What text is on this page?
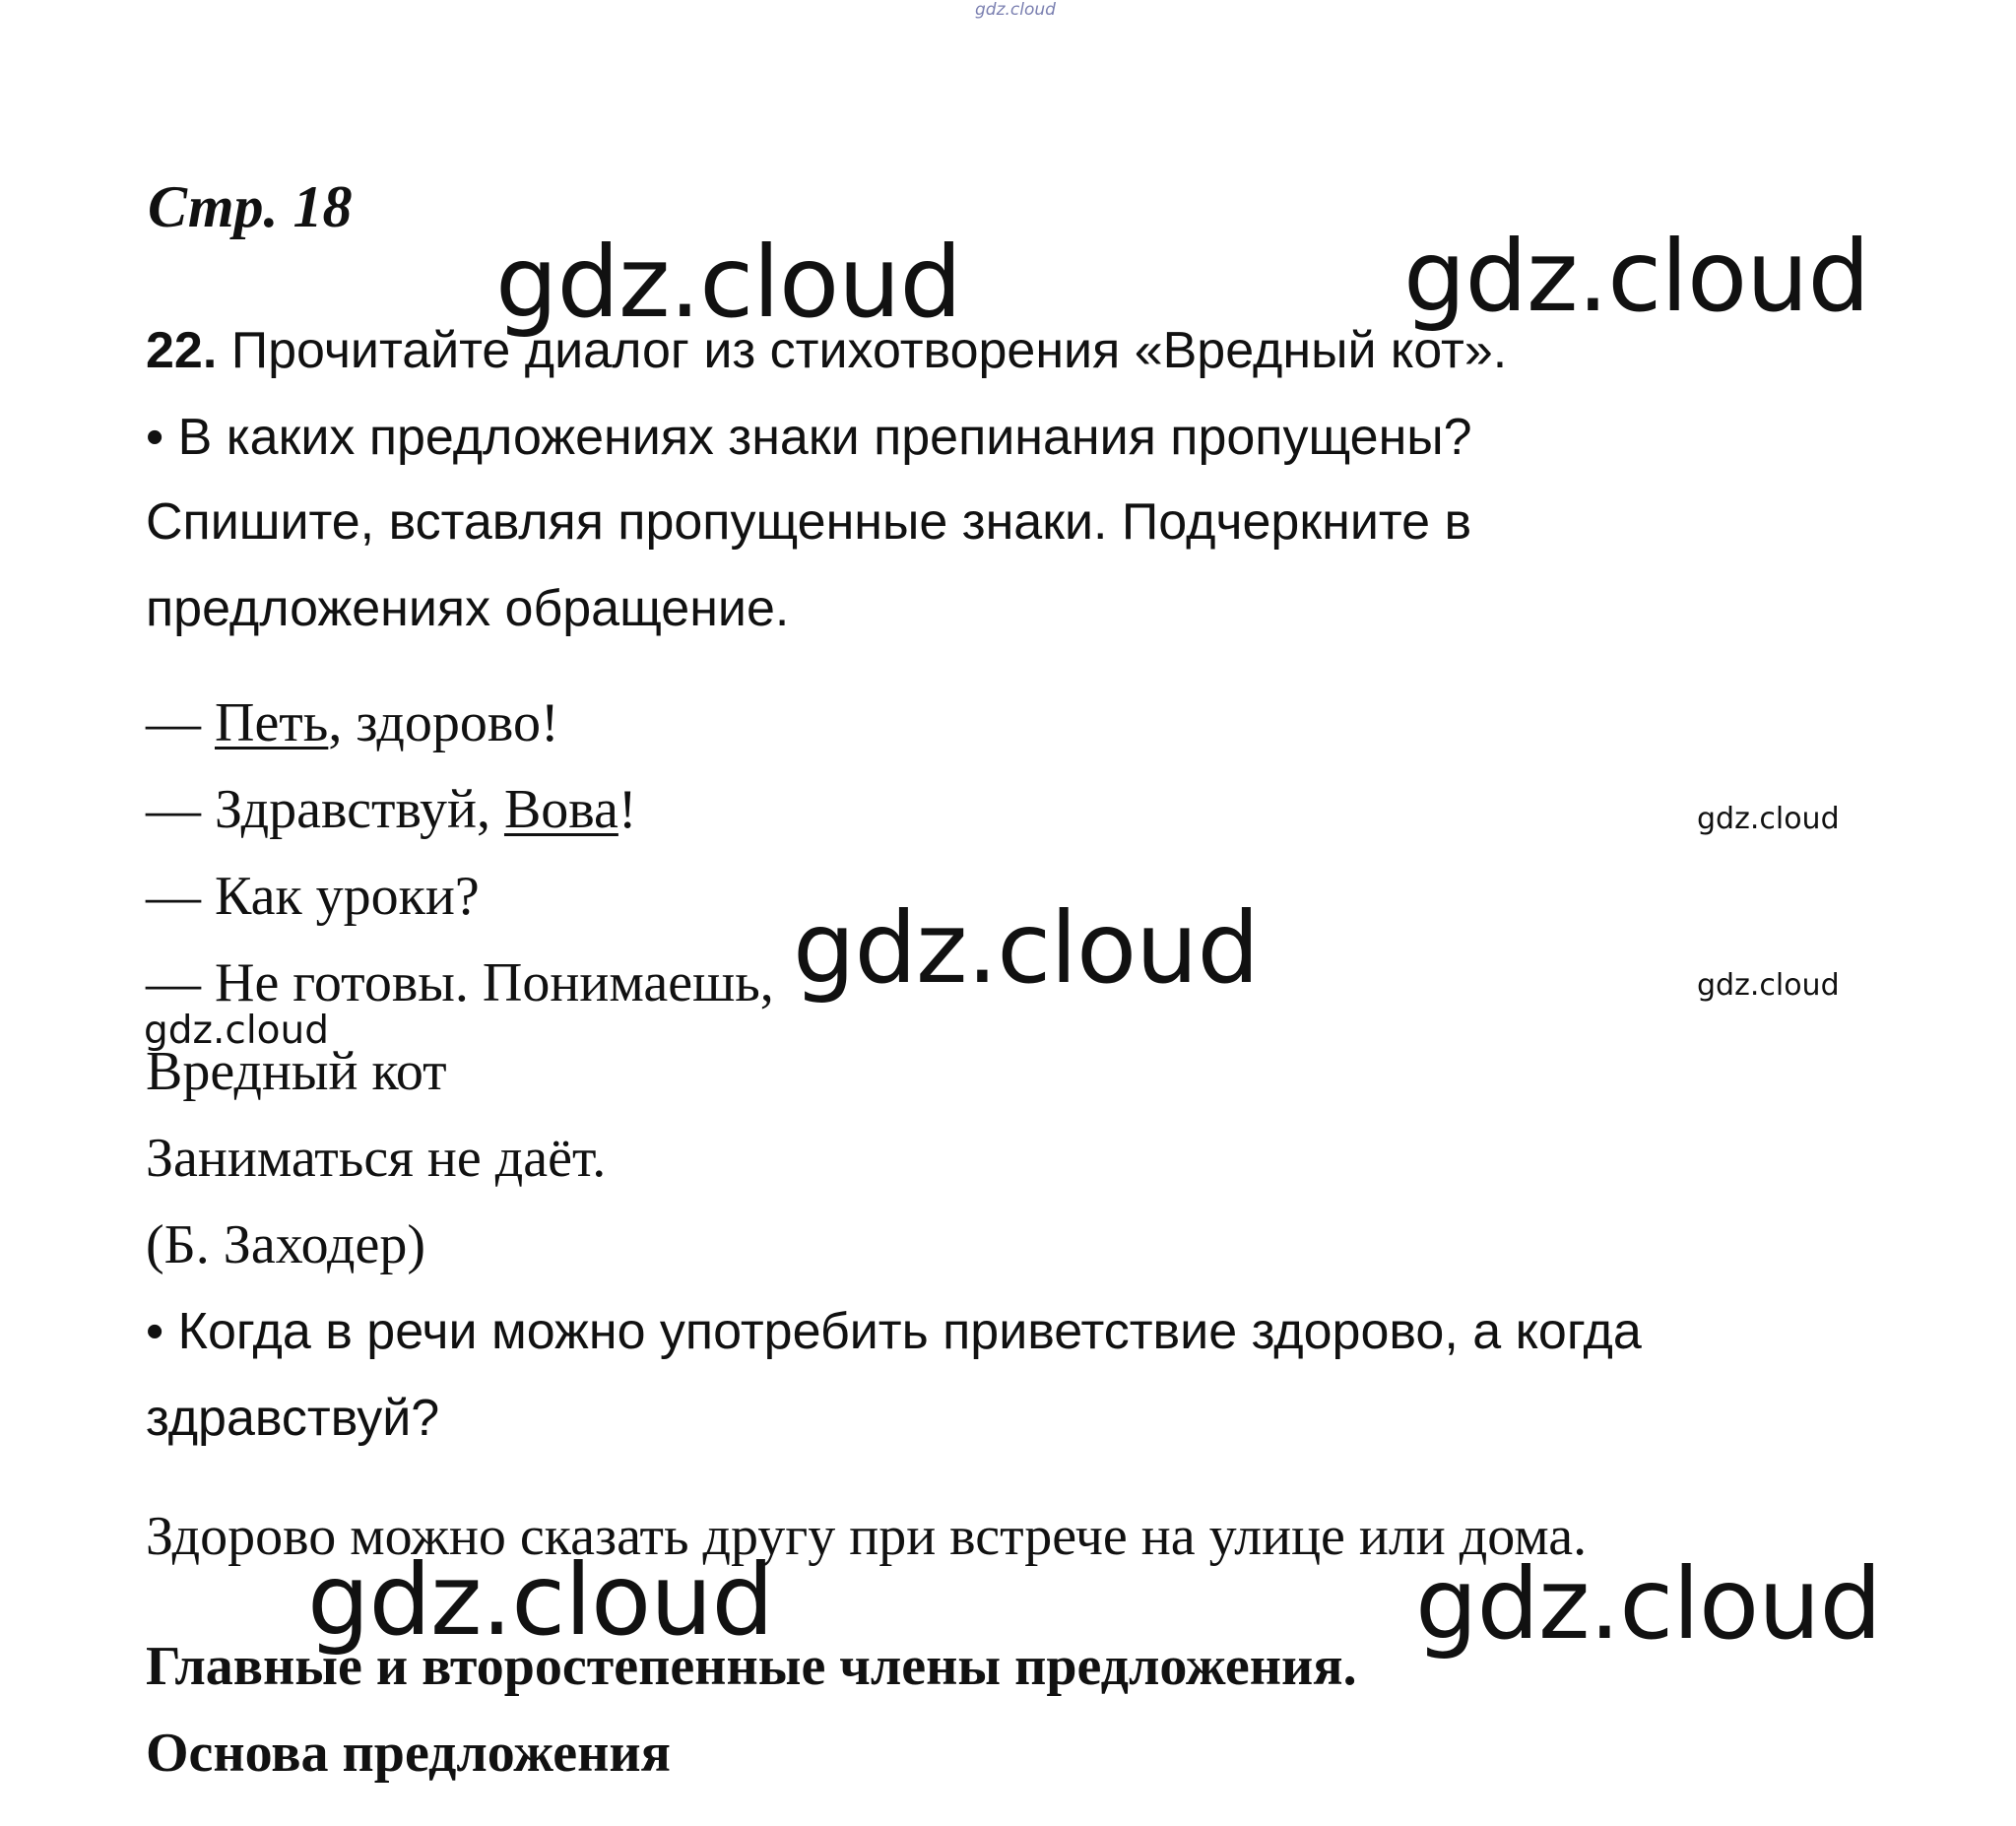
gdz.cloud
Стр. 18
22. Прочитайте диалог из стихотворения «Вредный кот».
• В каких предложениях знаки препинания пропущены?
Спишите, вставляя пропущенные знаки. Подчеркните в
предложениях обращение.
— Петь, здорово!
— Здравствуй, Вова!
— Как уроки?
— Не готовы. Понимаешь,
Вредный кот
Заниматься не даёт.
(Б. Заходер)
• Когда в речи можно употребить приветствие здорово, а когда
здравствуй?
Здорово можно сказать другу при встрече на улице или дома.
Главные и второстепенные члены предложения.
Основа предложения
gdz.cloud	gdz.cloud
gdz.cloud
gdz.cloud	gdz.cloud
gdz.cloud
gdz.cloud
gdz.cloud
